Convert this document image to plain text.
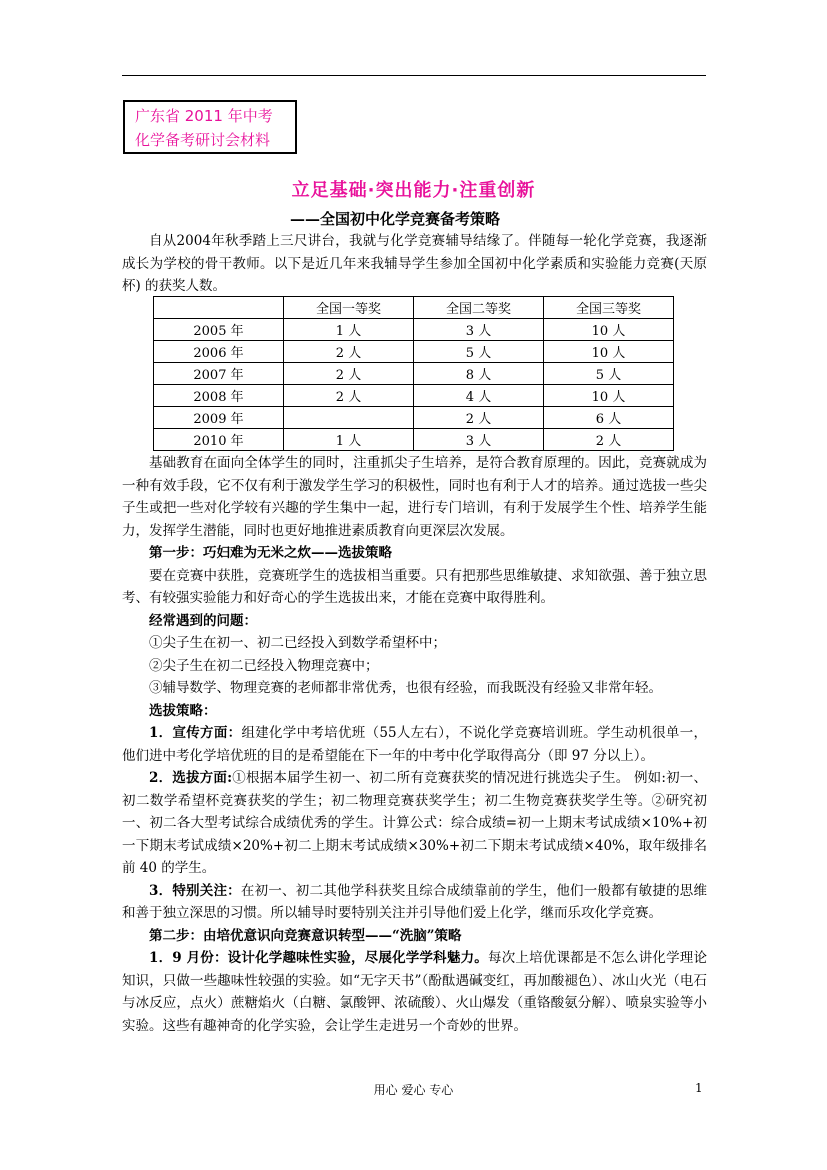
广东省 2011 年中考
化学备考研讨会材料
立足基础·突出能力·注重创新
——全国初中化学竞赛备考策略

自从2004年秋季踏上三尺讲台，我就与化学竞赛辅导结缘了。伴随每一轮化学竞赛，我逐渐成长为学校的骨干教师。以下是近几年来我辅导学生参加全国初中化学素质和实验能力竞赛(天原杯) 的获奖人数。

	全国一等奖	全国二等奖	全国三等奖
2005 年	1 人	3 人	10 人
2006 年	2 人	5 人	10 人
2007 年	2 人	8 人	5 人
2008 年	2 人	4 人	10 人
2009 年		2 人	6 人
2010 年	1 人	3 人	2 人

基础教育在面向全体学生的同时，注重抓尖子生培养，是符合教育原理的。因此，竞赛就成为一种有效手段，它不仅有利于激发学生学习的积极性，同时也有利于人才的培养。通过选拔一些尖子生或把一些对化学较有兴趣的学生集中一起，进行专门培训，有利于发展学生个性、培养学生能力，发挥学生潜能，同时也更好地推进素质教育向更深层次发展。

第一步：巧妇难为无米之炊——选拔策略

要在竞赛中获胜，竞赛班学生的选拔相当重要。只有把那些思维敏捷、求知欲强、善于独立思考、有较强实验能力和好奇心的学生选拔出来，才能在竞赛中取得胜利。

经常遇到的问题：

①尖子生在初一、初二已经投入到数学希望杯中；

②尖子生在初二已经投入物理竞赛中；

③辅导数学、物理竞赛的老师都非常优秀，也很有经验，而我既没有经验又非常年轻。

选拔策略：

1．宣传方面：组建化学中考培优班（55人左右），不说化学竞赛培训班。学生动机很单一，他们进中考化学培优班的目的是希望能在下一年的中考中化学取得高分（即 97 分以上）。

2．选拔方面:①根据本届学生初一、初二所有竞赛获奖的情况进行挑选尖子生。 例如:初一、初二数学希望杯竞赛获奖的学生；初二物理竞赛获奖学生；初二生物竞赛获奖学生等。②研究初一、初二各大型考试综合成绩优秀的学生。计算公式：综合成绩=初一上期末考试成绩×10%+初一下期末考试成绩×20%+初二上期末考试成绩×30%+初二下期末考试成绩×40%，取年级排名前 40 的学生。

3．特别关注：在初一、初二其他学科获奖且综合成绩靠前的学生，他们一般都有敏捷的思维和善于独立深思的习惯。所以辅导时要特别关注并引导他们爱上化学，继而乐攻化学竞赛。

第二步：由培优意识向竞赛意识转型——“洗脑”策略

1．9 月份：设计化学趣味性实验，尽展化学学科魅力。每次上培优课都是不怎么讲化学理论知识，只做一些趣味性较强的实验。如“无字天书”（酚酞遇碱变红，再加酸褪色）、冰山火光（电石与冰反应，点火）蔗糖焰火（白糖、氯酸钾、浓硫酸）、火山爆发（重铬酸氨分解）、喷泉实验等小实验。这些有趣神奇的化学实验，会让学生走进另一个奇妙的世界。

用心 爱心 专心	1
